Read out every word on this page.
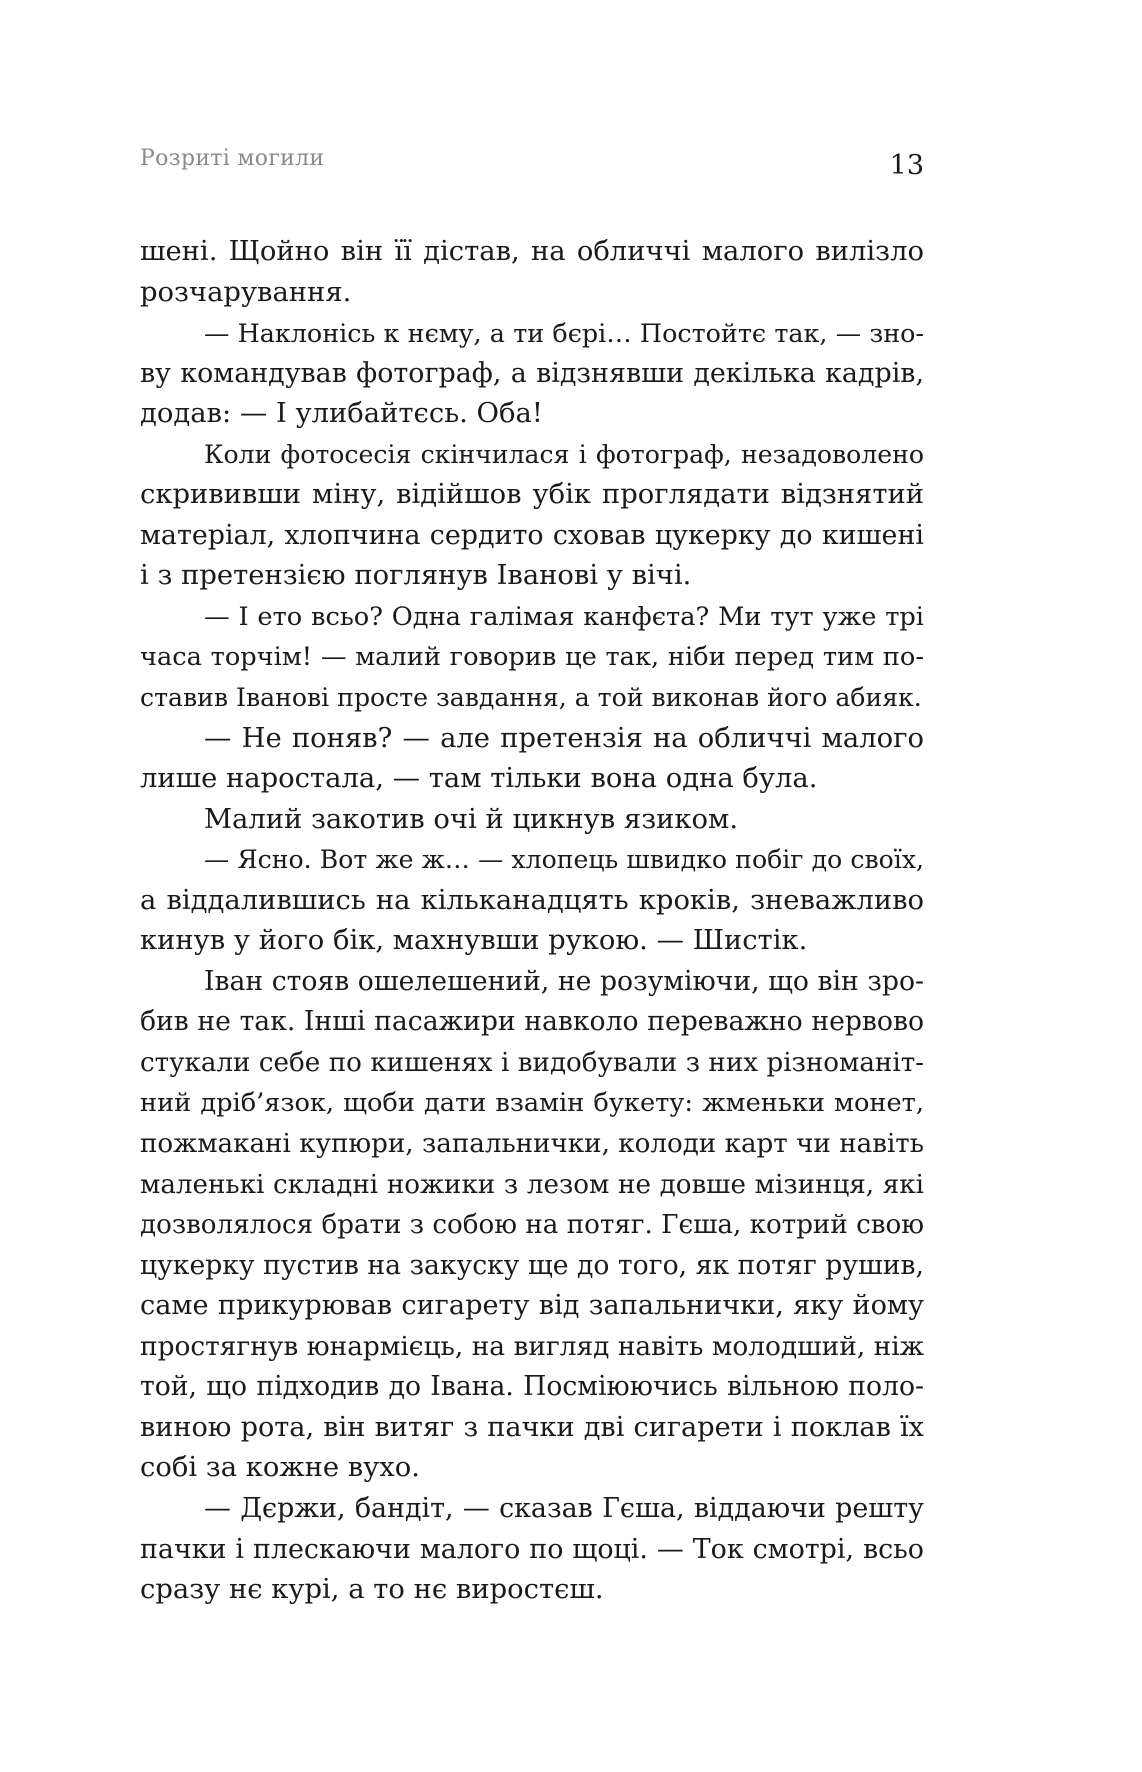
Розриті могили	13
шені. Щойно він її дістав, на обличчі малого вилізло
розчарування.
— Наклонісь к нєму, а ти бєрі… Постойтє так, — зно-
ву командував фотограф, а відзнявши декілька кадрів,
додав: — І улибайтєсь. Оба!
Коли фотосесія скінчилася і фотограф, незадоволено
скрививши міну, відійшов убік проглядати відзнятий
матеріал, хлопчина сердито сховав цукерку до кишені
і з претензією поглянув Іванові у вічі.
— І ето всьо? Одна галімая канфєта? Ми тут уже трі
часа торчім! — малий говорив це так, ніби перед тим по-
ставив Іванові просте завдання, а той виконав його абияк.
— Не поняв? — але претензія на обличчі малого
лише наростала, — там тільки вона одна була.
Малий закотив очі й цикнув язиком.
— Ясно. Вот же ж… — хлопець швидко побіг до своїх,
а віддалившись на кільканадцять кроків, зневажливо
кинув у його бік, махнувши рукою. — Шистік.
Іван стояв ошелешений, не розуміючи, що він зро-
бив не так. Інші пасажири навколо переважно нервово
стукали себе по кишенях і видобували з них різноманіт-
ний дріб’язок, щоби дати взамін букету: жменьки монет,
пожмакані купюри, запальнички, колоди карт чи навіть
маленькі складні ножики з лезом не довше мізинця, які
дозволялося брати з собою на потяг. Гєша, котрий свою
цукерку пустив на закуску ще до того, як потяг рушив,
саме прикурював сигарету від запальнички, яку йому
простягнув юнармієць, на вигляд навіть молодший, ніж
той, що підходив до Івана. Посміюючись вільною поло-
виною рота, він витяг з пачки дві сигарети і поклав їх
собі за кожне вухо.
— Дєржи, бандіт, — сказав Гєша, віддаючи решту
пачки і плескаючи малого по щоці. — Ток смотрі, всьо
сразу нє курі, а то нє виростєш.
